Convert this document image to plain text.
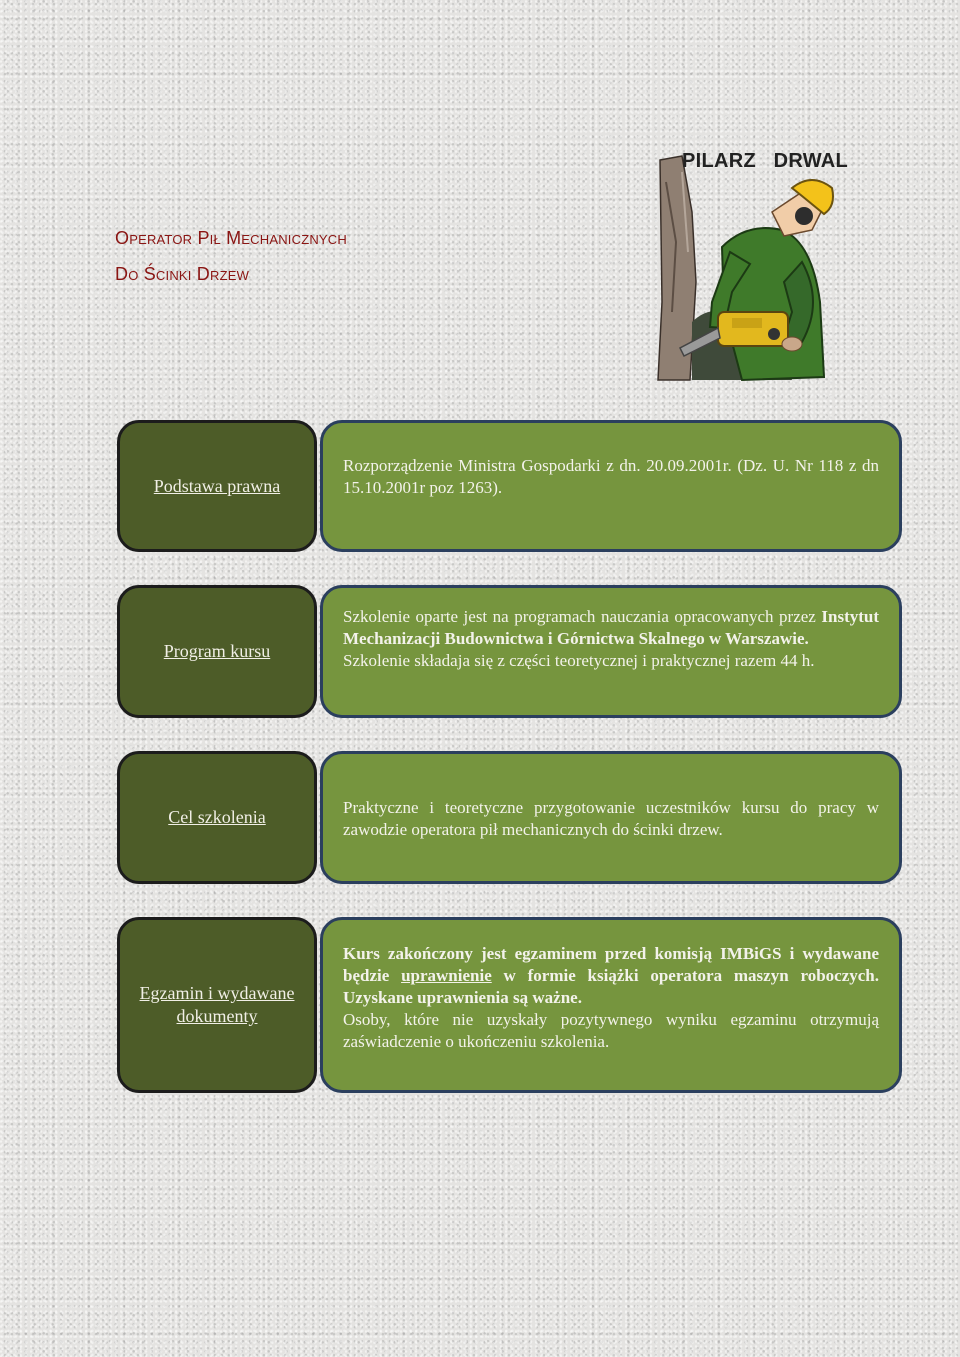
PILARZ   DRWAL
Operator Pił Mechanicznych
Do Ścinki Drzew
Podstawa prawna

Rozporządzenie Ministra Gospodarki z dn. 20.09.2001r. (Dz. U. Nr 118 z dn 15.10.2001r poz 1263).

Program kursu

Szkolenie oparte jest na programach nauczania opracowanych przez Instytut Mechanizacji Budownictwa i Górnictwa Skalnego w Warszawie.

Szkolenie składaja się z części teoretycznej i praktycznej razem 44 h.

Cel szkolenia	Praktyczne i teoretyczne przygotowanie uczestników kursu do pracy w zawodzie operatora pił mechanicznych do ścinki drzew.

Egzamin i wydawane dokumenty

Kurs zakończony jest egzaminem przed komisją IMBiGS i wydawane będzie uprawnienie w formie książki operatora maszyn roboczych. Uzyskane uprawnienia są ważne.

Osoby, które nie uzyskały pozytywnego wyniku egzaminu otrzymują zaświadczenie o ukończeniu szkolenia.
